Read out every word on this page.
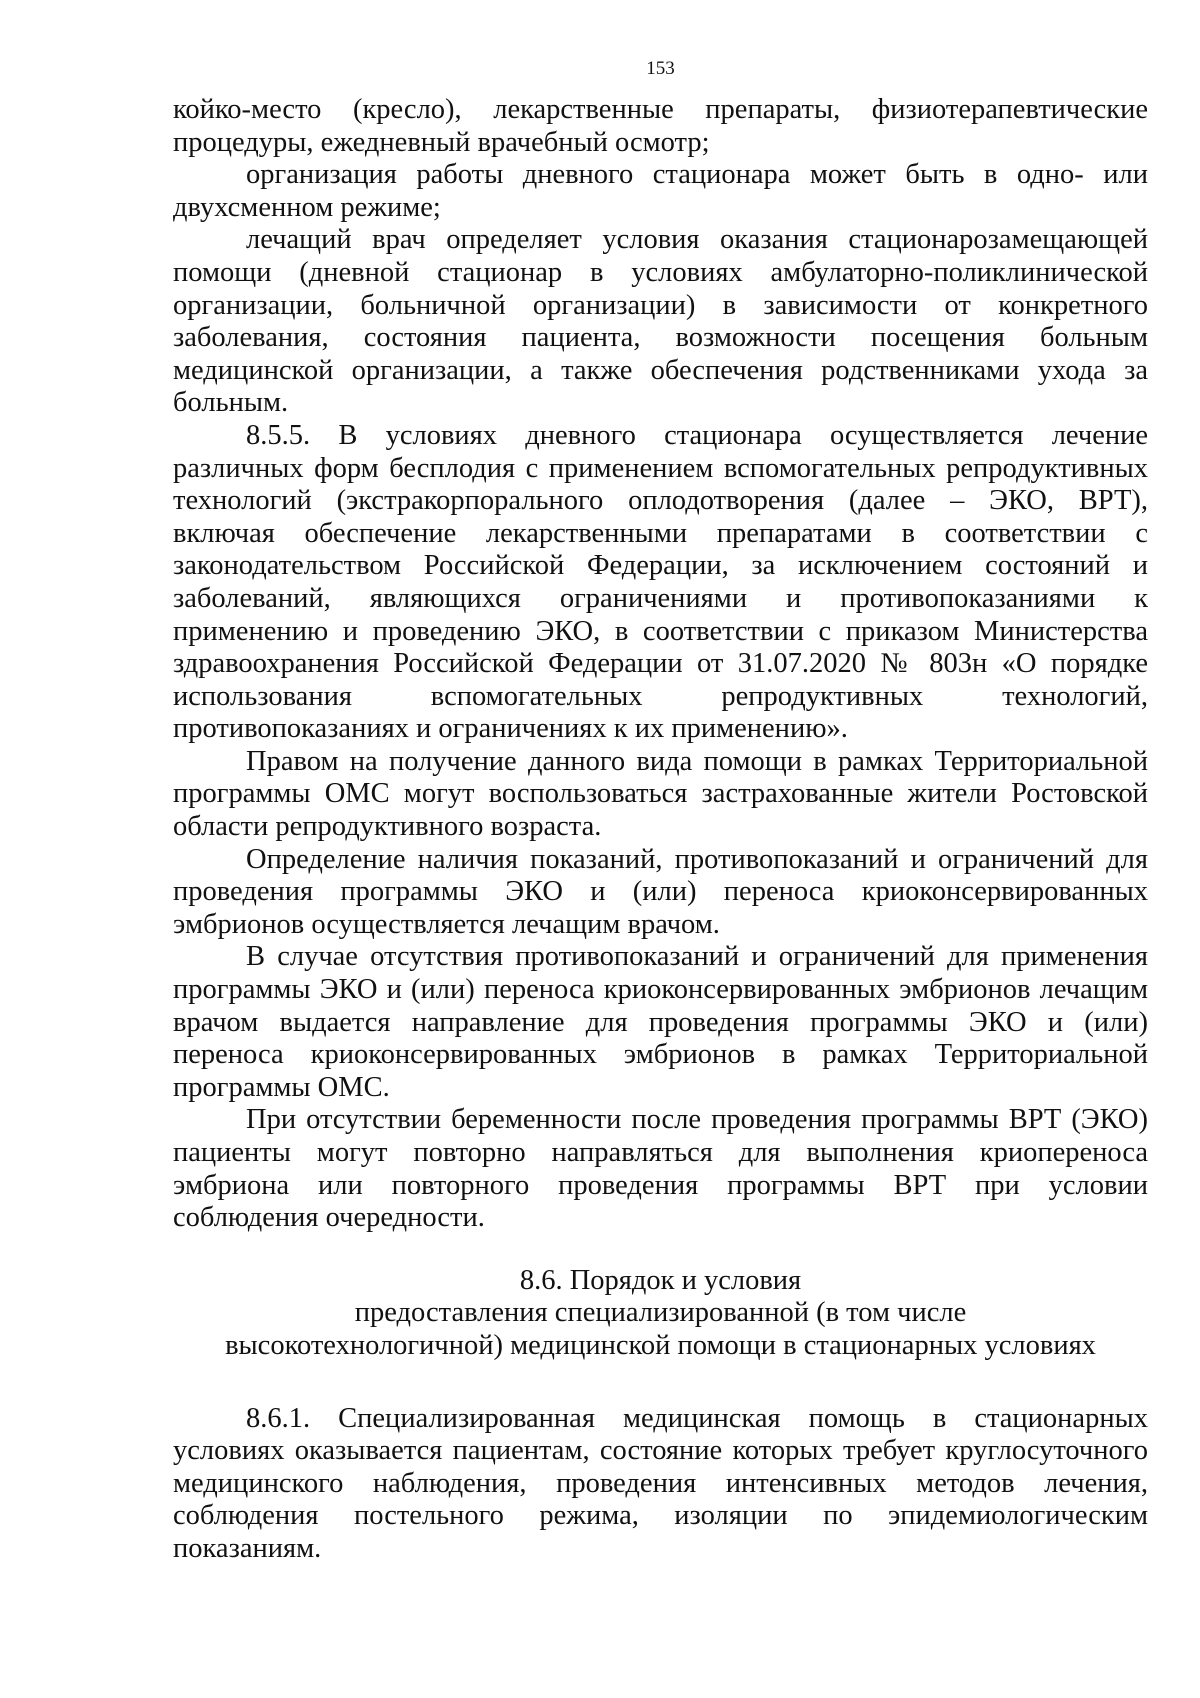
153

койко-место (кресло), лекарственные препараты, физиотерапевтические процедуры, ежедневный врачебный осмотр;

организация работы дневного стационара может быть в одно- или двухсменном режиме;

лечащий врач определяет условия оказания стационарозамещающей помощи (дневной стационар в условиях амбулаторно-поликлинической организации, больничной организации) в зависимости от конкретного заболевания, состояния пациента, возможности посещения больным медицинской организации, а также обеспечения родственниками ухода за больным.

8.5.5. В условиях дневного стационара осуществляется лечение различных форм бесплодия с применением вспомогательных репродуктивных технологий (экстракорпорального оплодотворения (далее – ЭКО, ВРТ), включая обеспечение лекарственными препаратами в соответствии с законодательством Российской Федерации, за исключением состояний и заболеваний, являющихся ограничениями и противопоказаниями к применению и проведению ЭКО, в соответствии с приказом Министерства здравоохранения Российской Федерации от 31.07.2020 № 803н «О порядке использования вспомогательных репродуктивных технологий, противопоказаниях и ограничениях к их применению».

Правом на получение данного вида помощи в рамках Территориальной программы ОМС могут воспользоваться застрахованные жители Ростовской области репродуктивного возраста.

Определение наличия показаний, противопоказаний и ограничений для проведения программы ЭКО и (или) переноса криоконсервированных эмбрионов осуществляется лечащим врачом.

В случае отсутствия противопоказаний и ограничений для применения программы ЭКО и (или) переноса криоконсервированных эмбрионов лечащим врачом выдается направление для проведения программы ЭКО и (или) переноса криоконсервированных эмбрионов в рамках Территориальной программы ОМС.

При отсутствии беременности после проведения программы ВРТ (ЭКО) пациенты могут повторно направляться для выполнения криопереноса эмбриона или повторного проведения программы ВРТ при условии соблюдения очередности.

8.6. Порядок и условия
предоставления специализированной (в том числе
высокотехнологичной) медицинской помощи в стационарных условиях

8.6.1. Специализированная медицинская помощь в стационарных условиях оказывается пациентам, состояние которых требует круглосуточного медицинского наблюдения, проведения интенсивных методов лечения, соблюдения постельного режима, изоляции по эпидемиологическим показаниям.
